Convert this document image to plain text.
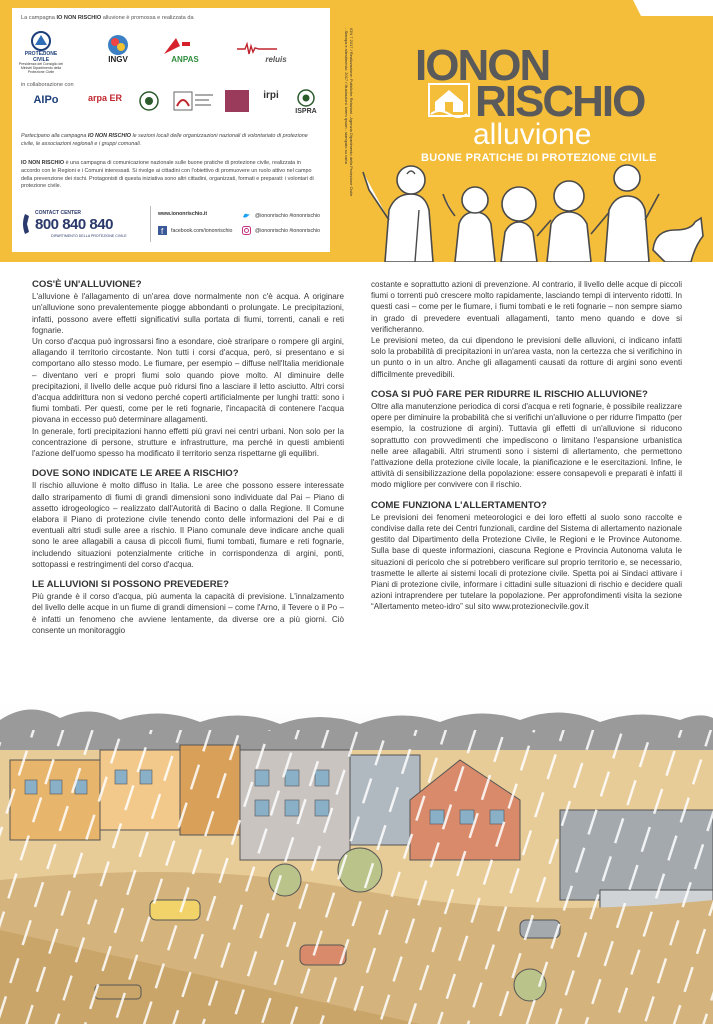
La campagna IO NON RISCHIO alluvione è promossa e realizzata da
PROTEZIONE CIVILE
Presidenza del Consiglio dei Ministri Dipartimento della Protezione Civile
INGV	ANPAS	reluis
in collaborazione con
AIPo	arpa ER	irpi
ISPRA
Partecipano alla campagna IO NON RISCHIO le sezioni locali delle organizzazioni nazionali di volontariato di protezione civile, le associazioni regionali e i gruppi comunali.
IO NON RISCHIO è una campagna di comunicazione nazionale sulle buone pratiche di protezione civile, realizzata in accordo con le Regioni e i Comuni interessati. Si rivolge ai cittadini con l'obiettivo di promuovere un ruolo attivo nel campo della prevenzione dei rischi. Protagonisti di questa iniziativa sono altri cittadini, organizzati, formati e preparati: i volontari di protezione civile.
CONTACT CENTER
800 840 840
DIPARTIMENTO DELLA PROTEZIONE CIVILE
www.iononrischio.it
f facebook.com/iononrischio
@iononrischio #iononrischio
@iononrischio #iononrischio
ION 7 2017 / Realizzazione: Pubbliche Relazioni - Agenzia Dipartimento della Protezione Civile - Stampa e allestimento: 2017 / Illustrazioni: lorem ipsum - stampato su carta IONON
RISCHIO
alluvione
BUONE PRATICHE DI PROTEZIONE CIVILE
COS'È UN'ALLUVIONE?

L'alluvione è l'allagamento di un'area dove normalmente non c'è acqua. A originare un'alluvione sono prevalentemente piogge abbondanti o prolungate. Le precipitazioni, infatti, possono avere effetti significativi sulla portata di fiumi, torrenti, canali e reti fognarie.

Un corso d'acqua può ingrossarsi fino a esondare, cioè straripare o rompere gli argini, allagando il territorio circostante. Non tutti i corsi d'acqua, però, si presentano e si comportano allo stesso modo. Le fiumare, per esempio – diffuse nell'Italia meridionale – diventano veri e propri fiumi solo quando piove molto. Al diminuire delle precipitazioni, il livello delle acque può ridursi fino a lasciare il letto asciutto. Altri corsi d'acqua addirittura non si vedono perché coperti artificialmente per lunghi tratti: sono i fiumi tombati. Per questi, come per le reti fognarie, l'incapacità di contenere l'acqua piovana in eccesso può determinare allagamenti.

In generale, forti precipitazioni hanno effetti più gravi nei centri urbani. Non solo per la concentrazione di persone, strutture e infrastrutture, ma perché in questi ambienti l'azione dell'uomo spesso ha modificato il territorio senza rispettarne gli equilibri.

DOVE SONO INDICATE LE AREE A RISCHIO?

Il rischio alluvione è molto diffuso in Italia. Le aree che possono essere interessate dallo straripamento di fiumi di grandi dimensioni sono individuate dal Pai – Piano di assetto idrogeologico – realizzato dall'Autorità di Bacino o dalla Regione. Il Comune elabora il Piano di protezione civile tenendo conto delle informazioni del Pai e di eventuali altri studi sulle aree a rischio. Il Piano comunale deve indicare anche quali sono le aree allagabili a causa di piccoli fiumi, fiumi tombati, fiumare e reti fognarie, includendo situazioni potenzialmente critiche in corrispondenza di argini, ponti, sottopassi e restringimenti del corso d'acqua.

LE ALLUVIONI SI POSSONO PREVEDERE?

Più grande è il corso d'acqua, più aumenta la capacità di previsione. L'innalzamento del livello delle acque in un fiume di grandi dimensioni – come l'Arno, il Tevere o il Po – è infatti un fenomeno che avviene lentamente, da diverse ore a più giorni. Ciò consente un monitoraggio

costante e soprattutto azioni di prevenzione. Al contrario, il livello delle acque di piccoli fiumi o torrenti può crescere molto rapidamente, lasciando tempi di intervento ridotti. In questi casi – come per le fiumare, i fiumi tombati e le reti fognarie – non sempre siamo in grado di prevedere eventuali allagamenti, tanto meno quando e dove si verificheranno.

Le previsioni meteo, da cui dipendono le previsioni delle alluvioni, ci indicano infatti solo la probabilità di precipitazioni in un'area vasta, non la certezza che si verifichino in un punto o in un altro. Anche gli allagamenti causati da rotture di argini sono eventi difficilmente prevedibili.

COSA SI PUÒ FARE PER RIDURRE IL RISCHIO ALLUVIONE?

Oltre alla manutenzione periodica di corsi d'acqua e reti fognarie, è possibile realizzare opere per diminuire la probabilità che si verifichi un'alluvione o per ridurre l'impatto (per esempio, la costruzione di argini). Tuttavia gli effetti di un'alluvione si riducono soprattutto con provvedimenti che impediscono o limitano l'espansione urbanistica nelle aree allagabili. Altri strumenti sono i sistemi di allertamento, che permettono l'attivazione della protezione civile locale, la pianificazione e le esercitazioni. Infine, le attività di sensibilizzazione della popolazione: essere consapevoli e preparati è infatti il modo migliore per convivere con il rischio.

COME FUNZIONA L'ALLERTAMENTO?

Le previsioni dei fenomeni meteorologici e dei loro effetti al suolo sono raccolte e condivise dalla rete dei Centri funzionali, cardine del Sistema di allertamento nazionale gestito dal Dipartimento della Protezione Civile, le Regioni e le Province Autonome. Sulla base di queste informazioni, ciascuna Regione e Provincia Autonoma valuta le situazioni di pericolo che si potrebbero verificare sul proprio territorio e, se necessario, trasmette le allerte ai sistemi locali di protezione civile. Spetta poi ai Sindaci attivare i Piani di protezione civile, informare i cittadini sulle situazioni di rischio e decidere quali azioni intraprendere per tutelare la popolazione. Per approfondimenti visita la sezione “Allertamento meteo-idro” sul sito www.protezionecivile.gov.it
